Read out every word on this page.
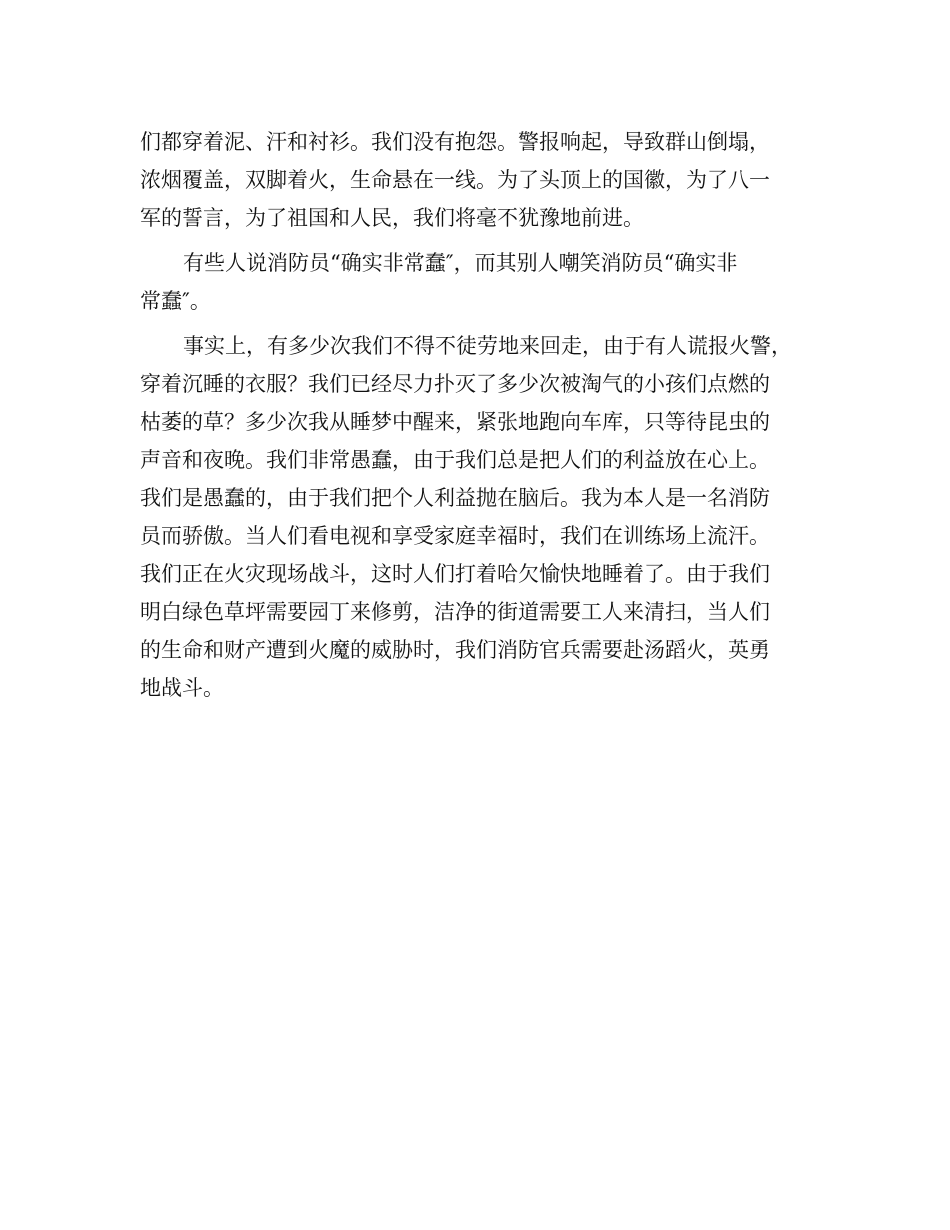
们都穿着泥、汗和衬衫。我们没有抱怨。警报响起，导致群山倒塌，
浓烟覆盖，双脚着火，生命悬在一线。为了头顶上的国徽，为了八一
军的誓言，为了祖国和人民，我们将毫不犹豫地前进。
有些人说消防员“确实非常蠢″，而其别人嘲笑消防员“确实非
常蠢″。
事实上，有多少次我们不得不徒劳地来回走，由于有人谎报火警，
穿着沉睡的衣服？我们已经尽力扑灭了多少次被淘气的小孩们点燃的
枯萎的草？多少次我从睡梦中醒来，紧张地跑向车库，只等待昆虫的
声音和夜晚。我们非常愚蠢，由于我们总是把人们的利益放在心上。
我们是愚蠢的，由于我们把个人利益抛在脑后。我为本人是一名消防
员而骄傲。当人们看电视和享受家庭幸福时，我们在训练场上流汗。
我们正在火灾现场战斗，这时人们打着哈欠愉快地睡着了。由于我们
明白绿色草坪需要园丁来修剪，洁净的街道需要工人来清扫，当人们
的生命和财产遭到火魔的威胁时，我们消防官兵需要赴汤蹈火，英勇
地战斗。
